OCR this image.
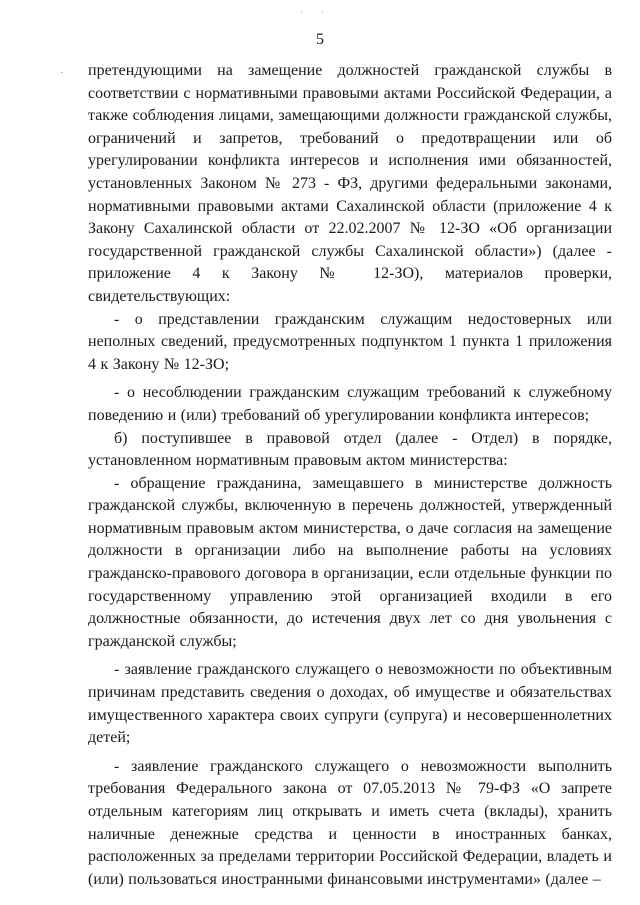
· ˙ ·
·
5

претендующими на замещение должностей гражданской службы в соответствии с нормативными правовыми актами Российской Федерации, а также соблюдения лицами, замещающими должности гражданской службы, ограничений и запретов, требований о предотвращении или об урегулировании конфликта интересов и исполнения ими обязанностей, установленных Законом № 273 - ФЗ, другими федеральными законами, нормативными правовыми актами Сахалинской области (приложение 4 к Закону Сахалинской области от 22.02.2007 № 12-ЗО «Об организации государственной гражданской службы Сахалинской области») (далее - приложение 4 к Закону № 12-ЗО), материалов проверки, свидетельствующих:

- о представлении гражданским служащим недостоверных или неполных сведений, предусмотренных подпунктом 1 пункта 1 приложения 4 к Закону № 12-ЗО;

- о несоблюдении гражданским служащим требований к служебному поведению и (или) требований об урегулировании конфликта интересов;

б) поступившее в правовой отдел (далее - Отдел) в порядке, установленном нормативным правовым актом министерства:

- обращение гражданина, замещавшего в министерстве должность гражданской службы, включенную в перечень должностей, утвержденный нормативным правовым актом министерства, о даче согласия на замещение должности в организации либо на выполнение работы на условиях гражданско-правового договора в организации, если отдельные функции по государственному управлению этой организацией входили в его должностные обязанности, до истечения двух лет со дня увольнения с гражданской службы;

- заявление гражданского служащего о невозможности по объективным причинам представить сведения о доходах, об имуществе и обязательствах имущественного характера своих супруги (супруга) и несовершеннолетних детей;

- заявление гражданского служащего о невозможности выполнить требования Федерального закона от 07.05.2013 № 79-ФЗ «О запрете отдельным категориям лиц открывать и иметь счета (вклады), хранить наличные денежные средства и ценности в иностранных банках, расположенных за пределами территории Российской Федерации, владеть и (или) пользоваться иностранными финансовыми инструментами» (далее –
